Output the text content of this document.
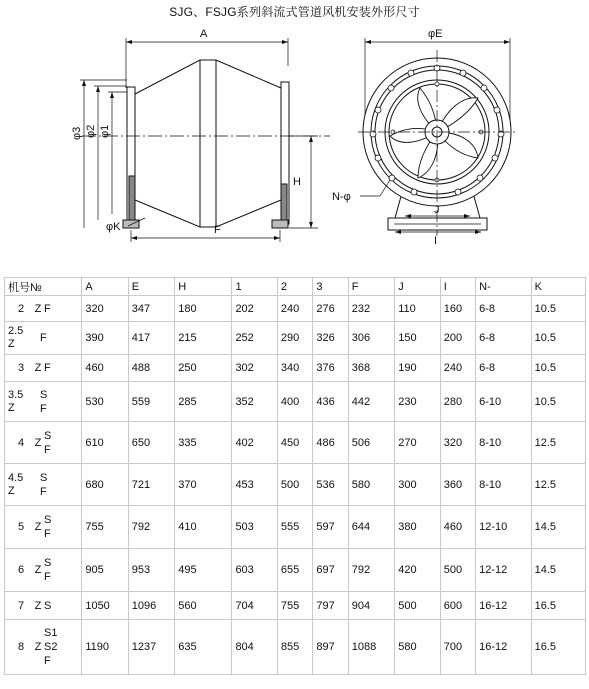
SJG、FSJG系列斜流式管道风机安装外形尺寸
A
φ3 φ2 φ1
H
φK	F
φE
N-φ
J
I
机号№	A	E	H	1	2	3	F	J	I	N-	K

2 Z F	320	347	180	202	240	276	232	110	160	6-8	10.5

2.5
Z F	390	417	215	252	290	326	306	150	200	6-8	10.5

3 Z F	460	488	250	302	340	376	368	190	240	6-8	10.5

3.5
Z
S
F	530	559	285	352	400	436	442	230	280	6-10	10.5

4 Z
S
F	610	650	335	402	450	486	506	270	320	8-10	12.5

4.5
Z
S
F	680	721	370	453	500	536	580	300	360	8-10	12.5

5 Z
S
F	755	792	410	503	555	597	644	380	460	12-10	14.5

6 Z
S
F	905	953	495	603	655	697	792	420	500	12-12	14.5

7 Z S	1050	1096	560	704	755	797	904	500	600	16-12	16.5

8 Z
S1
S2
F	1190	1237	635	804	855	897	1088	580	700	16-12	16.5
